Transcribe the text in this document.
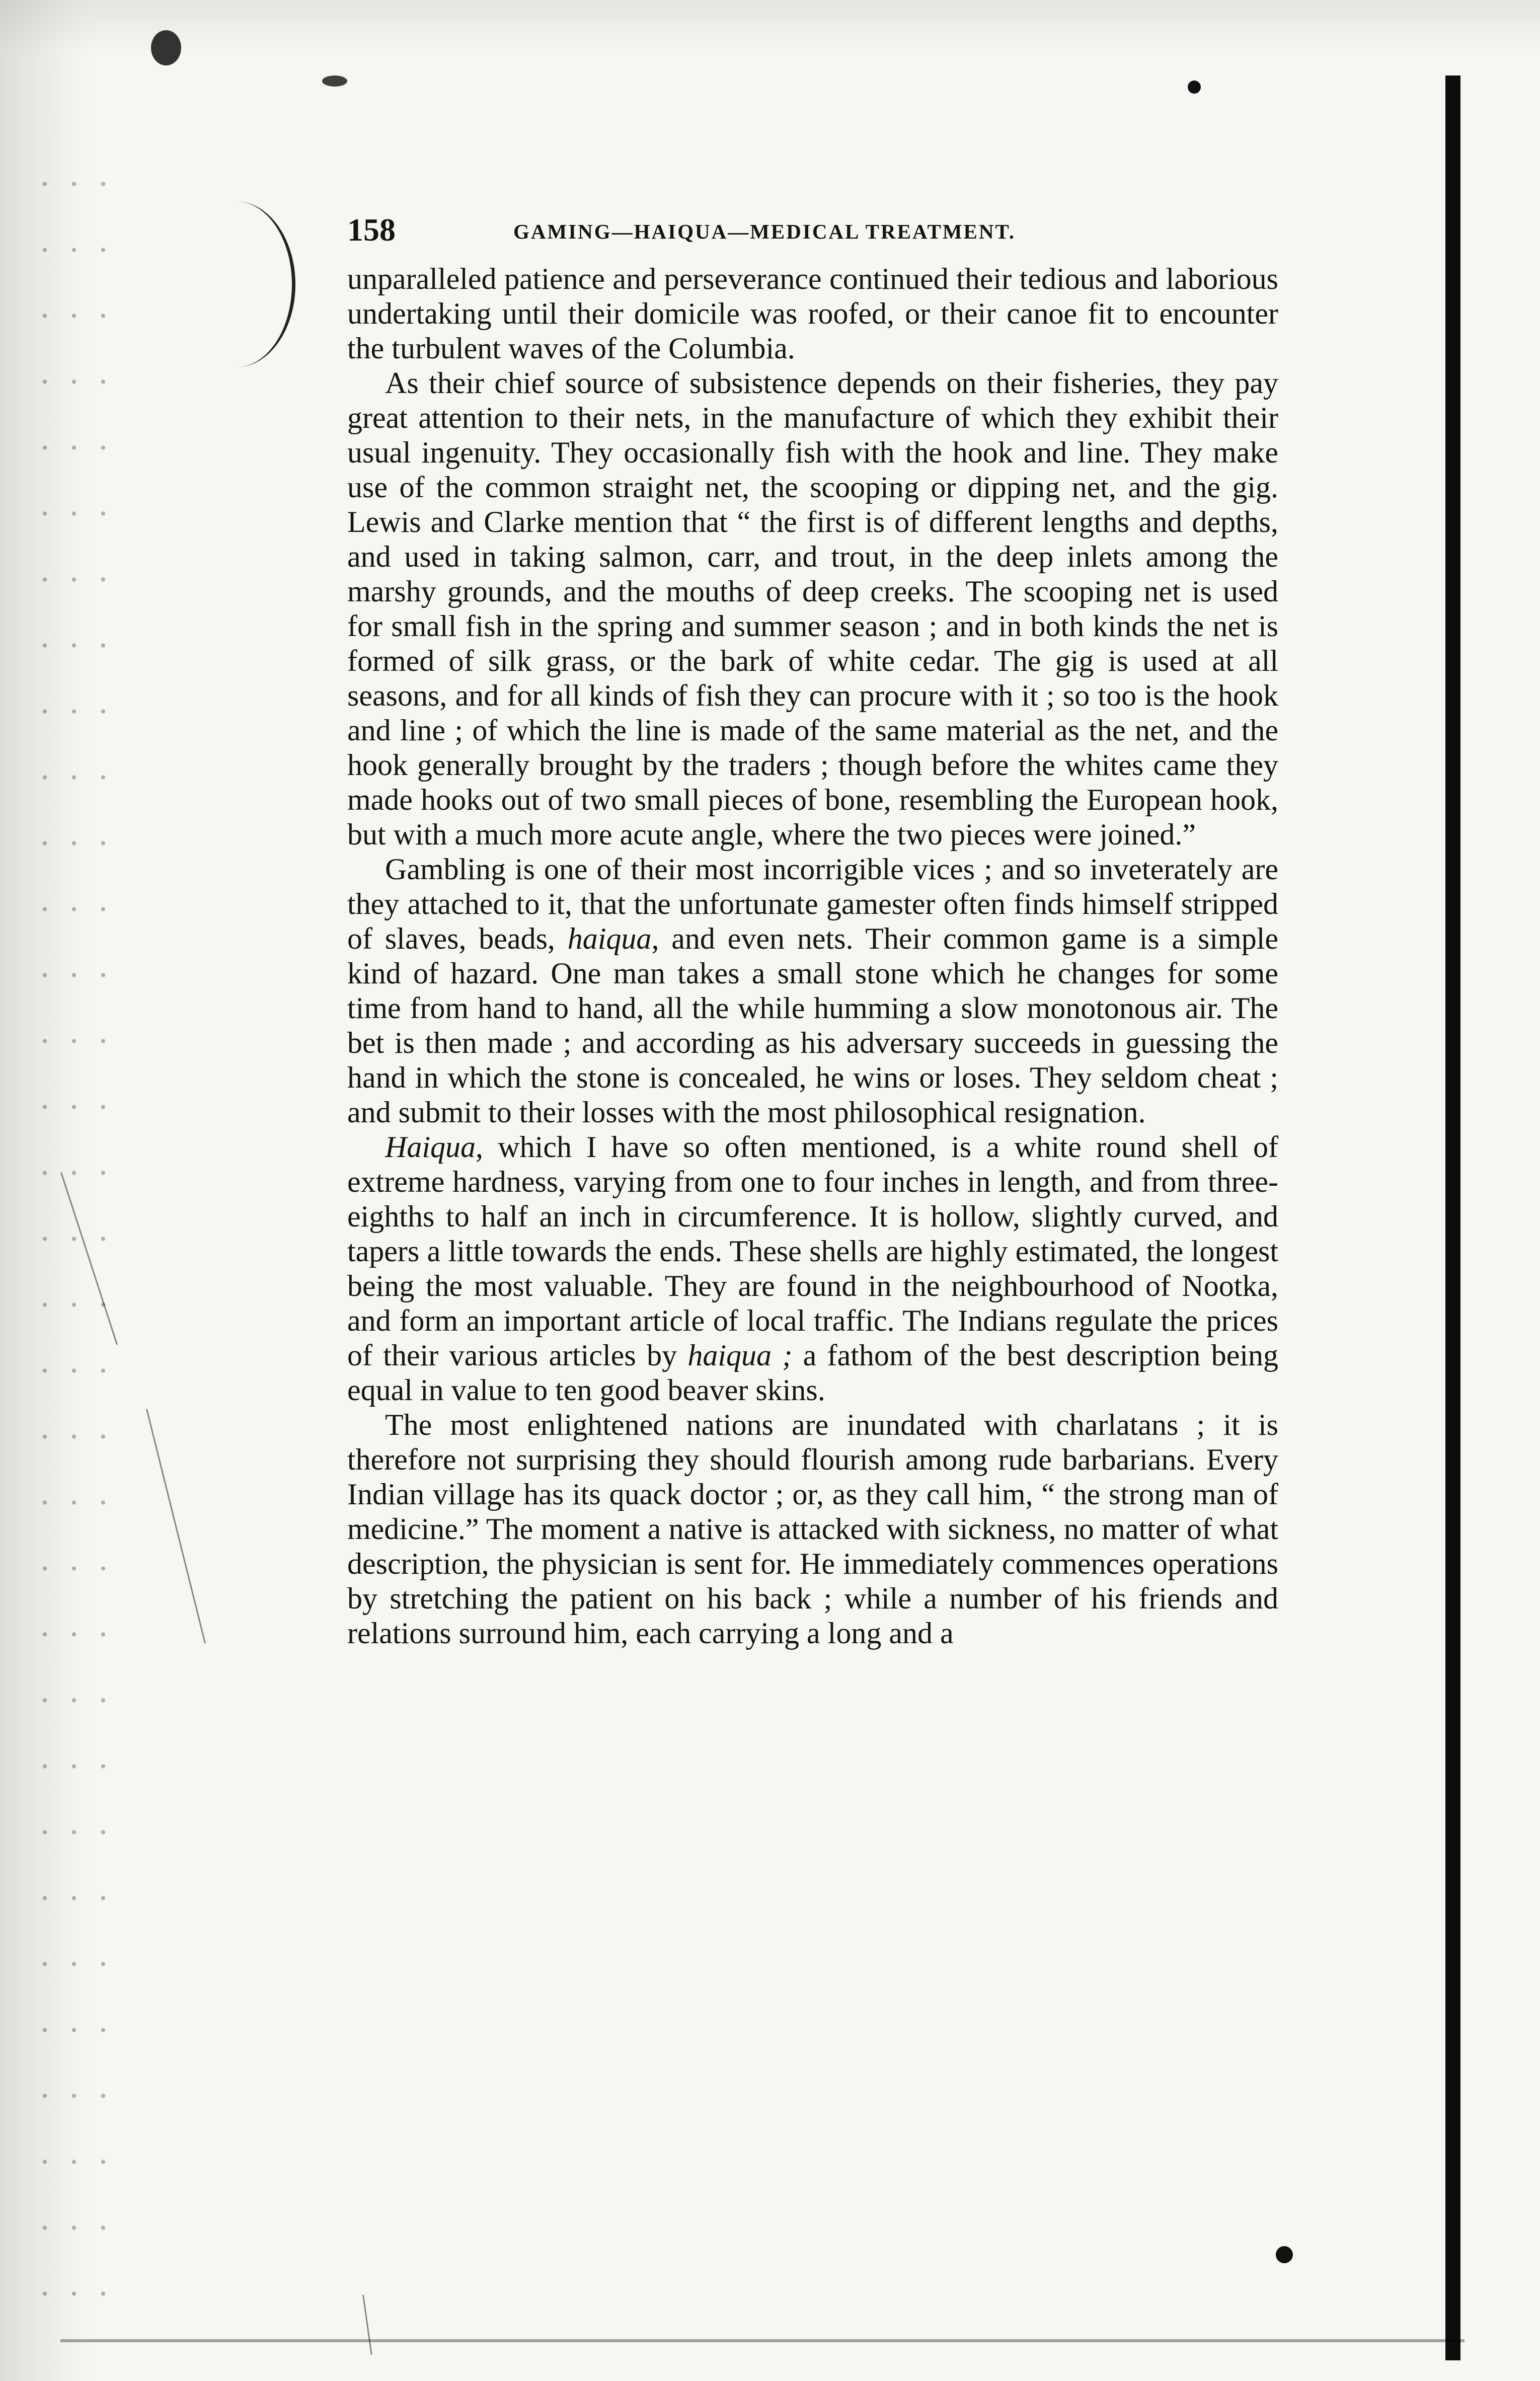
158	GAMING—HAIQUA—MEDICAL TREATMENT.

unparalleled patience and perseverance continued their tedious and laborious undertaking until their domicile was roofed, or their canoe fit to encounter the turbulent waves of the Columbia.

As their chief source of subsistence depends on their fisheries, they pay great attention to their nets, in the manufacture of which they exhibit their usual ingenuity. They occasionally fish with the hook and line. They make use of the common straight net, the scooping or dipping net, and the gig. Lewis and Clarke mention that “ the first is of different lengths and depths, and used in taking salmon, carr, and trout, in the deep inlets among the marshy grounds, and the mouths of deep creeks. The scooping net is used for small fish in the spring and summer season ; and in both kinds the net is formed of silk grass, or the bark of white cedar. The gig is used at all seasons, and for all kinds of fish they can procure with it ; so too is the hook and line ; of which the line is made of the same material as the net, and the hook generally brought by the traders ; though before the whites came they made hooks out of two small pieces of bone, resembling the European hook, but with a much more acute angle, where the two pieces were joined.”

Gambling is one of their most incorrigible vices ; and so inveterately are they attached to it, that the unfortunate gamester often finds himself stripped of slaves, beads, haiqua, and even nets. Their common game is a simple kind of hazard. One man takes a small stone which he changes for some time from hand to hand, all the while humming a slow monotonous air. The bet is then made ; and according as his adversary succeeds in guessing the hand in which the stone is concealed, he wins or loses. They seldom cheat ; and submit to their losses with the most philosophical resignation.

Haiqua, which I have so often mentioned, is a white round shell of extreme hardness, varying from one to four inches in length, and from three-eighths to half an inch in circumference. It is hollow, slightly curved, and tapers a little towards the ends. These shells are highly estimated, the longest being the most valuable. They are found in the neighbourhood of Nootka, and form an important article of local traffic. The Indians regulate the prices of their various articles by haiqua ; a fathom of the best description being equal in value to ten good beaver skins.

The most enlightened nations are inundated with charlatans ; it is therefore not surprising they should flourish among rude barbarians. Every Indian village has its quack doctor ; or, as they call him, “ the strong man of medicine.” The moment a native is attacked with sickness, no matter of what description, the physician is sent for. He immediately commences operations by stretching the patient on his back ; while a number of his friends and relations surround him, each carrying a long and a
